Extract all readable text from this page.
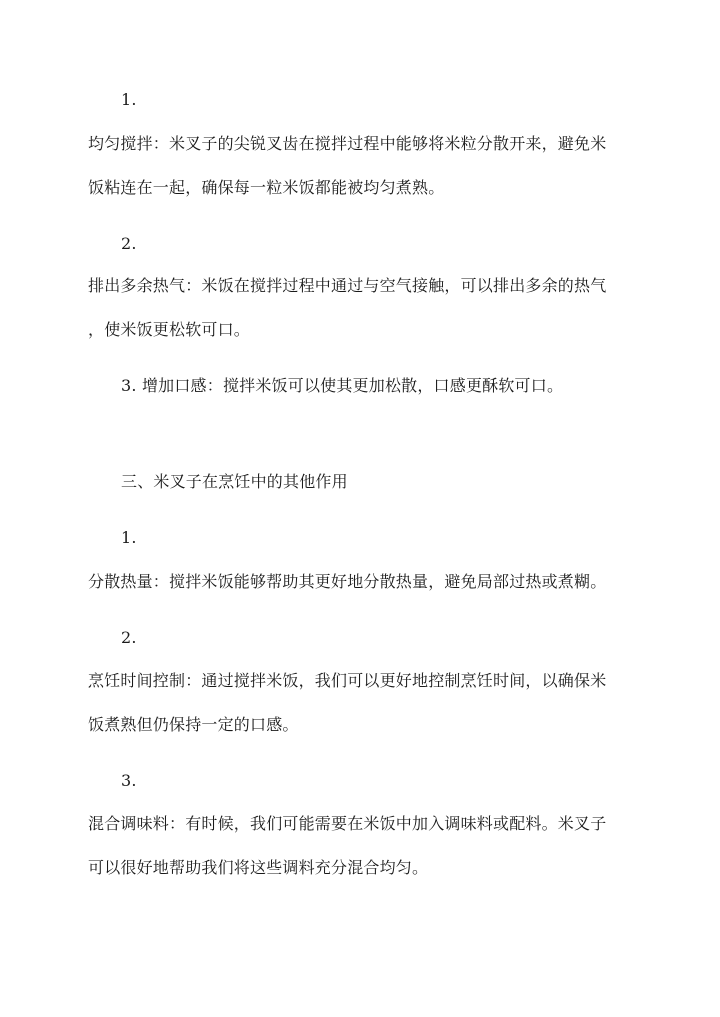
1.
均匀搅拌：米叉子的尖锐叉齿在搅拌过程中能够将米粒分散开来，避免米
饭粘连在一起，确保每一粒米饭都能被均匀煮熟。
2.
排出多余热气：米饭在搅拌过程中通过与空气接触，可以排出多余的热气
，使米饭更松软可口。
3. 增加口感：搅拌米饭可以使其更加松散，口感更酥软可口。
三、米叉子在烹饪中的其他作用
1.
分散热量：搅拌米饭能够帮助其更好地分散热量，避免局部过热或煮糊。
2.
烹饪时间控制：通过搅拌米饭，我们可以更好地控制烹饪时间，以确保米
饭煮熟但仍保持一定的口感。
3.
混合调味料：有时候，我们可能需要在米饭中加入调味料或配料。米叉子
可以很好地帮助我们将这些调料充分混合均匀。
